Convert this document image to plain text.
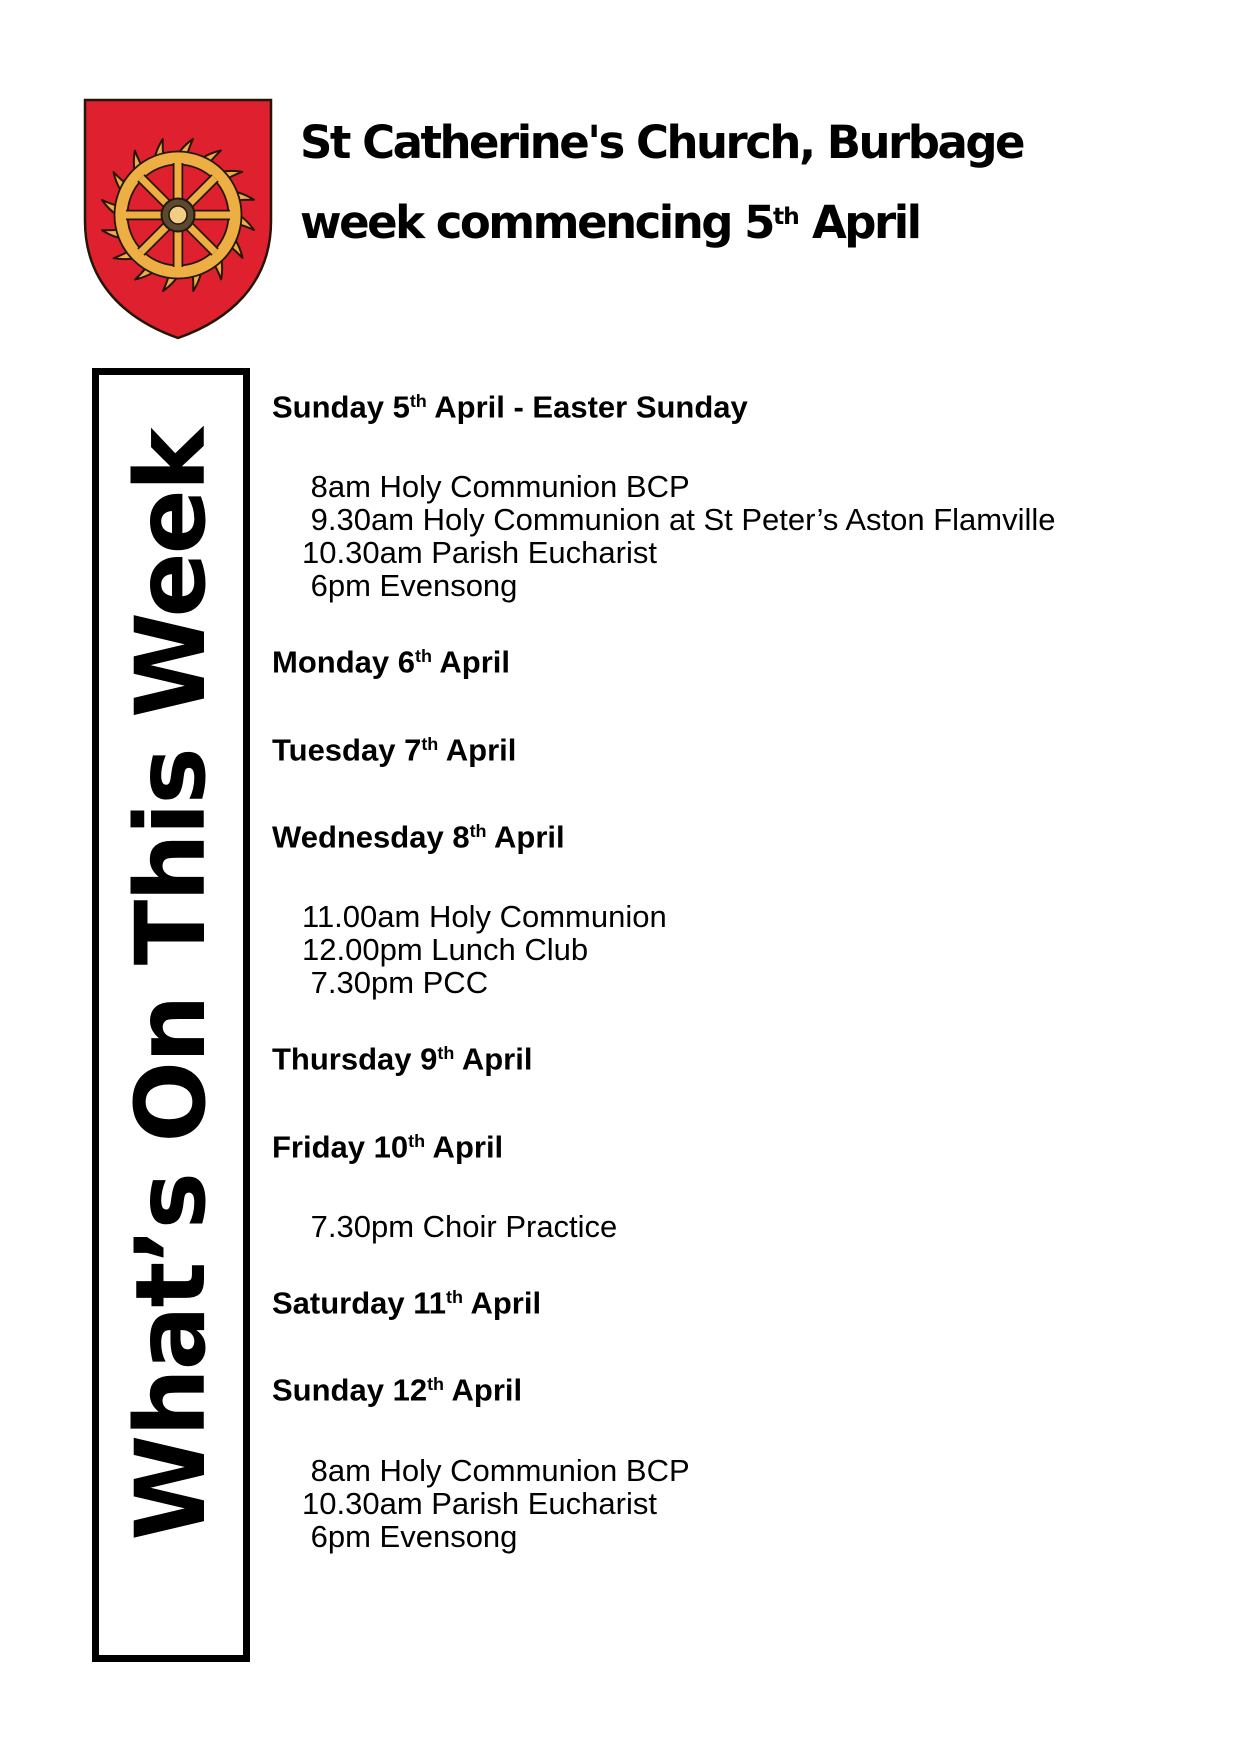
St Catherine's Church, Burbage
week commencing 5th April
What’s On This Week
Sunday 5th April - Easter Sunday
8am Holy Communion BCP
9.30am Holy Communion at St Peter’s Aston Flamville
10.30am Parish Eucharist
6pm Evensong
Monday 6th April
Tuesday 7th April
Wednesday 8th April
11.00am Holy Communion
12.00pm Lunch Club
7.30pm PCC
Thursday 9th April
Friday 10th April
7.30pm Choir Practice
Saturday 11th April
Sunday 12th April
8am Holy Communion BCP
10.30am Parish Eucharist
6pm Evensong
